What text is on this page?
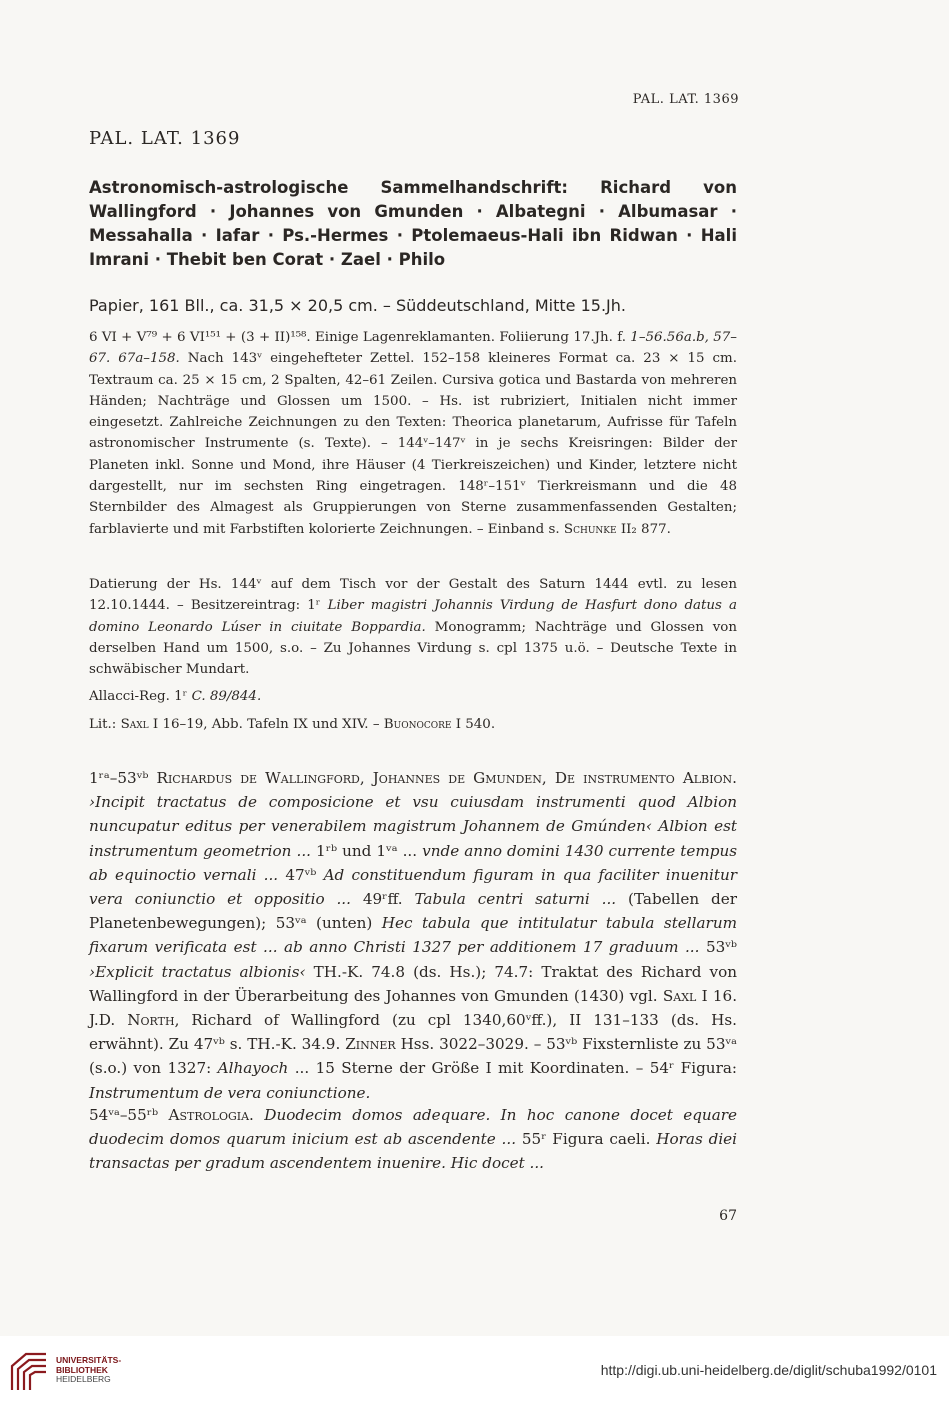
PAL. LAT. 1369
PAL. LAT. 1369
Astronomisch-astrologische Sammelhandschrift: Richard von Wallingford · Johannes von Gmunden · Albategni · Albumasar · Messahalla · Iafar · Ps.-Hermes · Ptolemaeus-Hali ibn Ridwan · Hali Imrani · Thebit ben Corat · Zael · Philo
Papier, 161 Bll., ca. 31,5 × 20,5 cm. – Süddeutschland, Mitte 15.Jh.
6 VI + V⁷⁹ + 6 VI¹⁵¹ + (3 + II)¹⁵⁸. Einige Lagenreklamanten. Foliierung 17.Jh. f. 1–56.56a.b, 57–67. 67a–158. Nach 143ᵛ eingehefteter Zettel. 152–158 kleineres Format ca. 23 × 15 cm. Textraum ca. 25 × 15 cm, 2 Spalten, 42–61 Zeilen. Cursiva gotica und Bastarda von mehreren Händen; Nachträge und Glossen um 1500. – Hs. ist rubriziert, Initialen nicht immer eingesetzt. Zahlreiche Zeichnungen zu den Texten: Theorica planetarum, Aufrisse für Tafeln astronomischer Instrumente (s. Texte). – 144ᵛ–147ᵛ in je sechs Kreisringen: Bilder der Planeten inkl. Sonne und Mond, ihre Häuser (4 Tierkreiszeichen) und Kinder, letztere nicht dargestellt, nur im sechsten Ring eingetragen. 148ʳ–151ᵛ Tierkreismann und die 48 Sternbilder des Almagest als Gruppierungen von Sterne zusammenfassenden Gestalten; farblavierte und mit Farbstiften kolorierte Zeichnungen. – Einband s. Schunke II₂ 877.
Datierung der Hs. 144ᵛ auf dem Tisch vor der Gestalt des Saturn 1444 evtl. zu lesen 12.10.1444. – Besitzereintrag: 1ʳ Liber magistri Johannis Virdung de Hasfurt dono datus a domino Leonardo Lúser in ciuitate Boppardia. Monogramm; Nachträge und Glossen von derselben Hand um 1500, s.o. – Zu Johannes Virdung s. cpl 1375 u.ö. – Deutsche Texte in schwäbischer Mundart.
Allacci-Reg. 1ʳ C. 89/844.
Lit.: Saxl I 16–19, Abb. Tafeln IX und XIV. – Buonocore I 540.
1ʳᵃ–53ᵛᵇ Richardus de Wallingford, Johannes de Gmunden, De instrumento Albion. ›Incipit tractatus de composicione et vsu cuiusdam instrumenti quod Albion nuncupatur editus per venerabilem magistrum Johannem de Gmúnden‹ Albion est instrumentum geometrion ... 1ʳᵇ und 1ᵛᵃ ... vnde anno domini 1430 currente tempus ab equinoctio vernali ... 47ᵛᵇ Ad constituendum figuram in qua faciliter inuenitur vera coniunctio et oppositio ... 49ʳff. Tabula centri saturni ... (Tabellen der Planetenbewegungen); 53ᵛᵃ (unten) Hec tabula que intitulatur tabula stellarum fixarum verificata est ... ab anno Christi 1327 per additionem 17 graduum ... 53ᵛᵇ ›Explicit tractatus albionis‹ TH.-K. 74.8 (ds. Hs.); 74.7: Traktat des Richard von Wallingford in der Überarbeitung des Johannes von Gmunden (1430) vgl. Saxl I 16. J.D. North, Richard of Wallingford (zu cpl 1340,60ᵛff.), II 131–133 (ds. Hs. erwähnt). Zu 47ᵛᵇ s. TH.-K. 34.9. Zinner Hss. 3022–3029. – 53ᵛᵇ Fixsternliste zu 53ᵛᵃ (s.o.) von 1327: Alhayoch ... 15 Sterne der Größe I mit Koordinaten. – 54ʳ Figura: Instrumentum de vera coniunctione.
54ᵛᵃ–55ʳᵇ Astrologia. Duodecim domos adequare. In hoc canone docet equare duodecim domos quarum inicium est ab ascendente ... 55ʳ Figura caeli. Horas diei transactas per gradum ascendentem inuenire. Hic docet ...
67
UNIVERSITÄTS-
BIBLIOTHEK
HEIDELBERG
http://digi.ub.uni-heidelberg.de/diglit/schuba1992/0101
